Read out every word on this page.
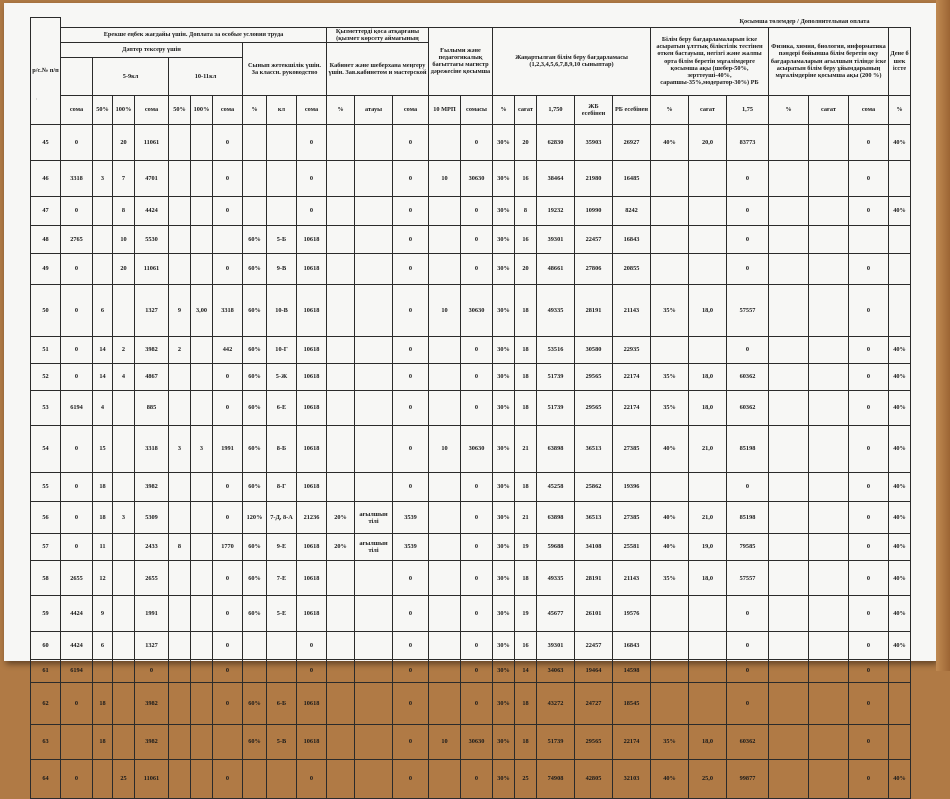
'
р/с.№ п/п	Қосымша төлемдер / Дополнительная оплата																										
	Ерекше еңбек жағдайы үшін. Доплата за особые условия труда										Қызметтерді қоса атқарғаны (қызмет көрсету аймағының			Ғылыми және педагогикалық бағыттағы магистр дәрежесіне қосымша		Жаңартылған білім беру бағдарламасы (1,2,3,4,5,6,7,8,9,10 сыныптар)					Білім беру бағдарламаларын іске асыратын ұлттық біліктілік тестінен өткен бастауыш, негізгі және жалпы орта білім беретін мұғалімдерге қосымша ақы (шебер-50%, зерттеуші-40%, сарапшы-35%,модератор-30%) РБ			Физика, химия, биология, информатика пәндері бойынша білім беретін оқу бағдарламаларын ағылшын тілінде іске асыратын білім беру ұйымдарының мұғалімдеріне қосымша ақы (200 %)			Дене б шек іссте
	Дәптер тексеру үшін							Сынып жетекшілік үшін. За классн. руководство			Кабинет және шеберхана меңгеру үшін. Зав.кабинетом и мастерской																
		5-9кл			10-11кл																						
	сома	50%	100%	сома	50%	100%	сома	%	кл	сома	%	атауы	сома	10 МРП	сомасы	%	сағат	1,750	ЖБ есебінен	РБ есебінен	%	сағат	1,75	%	сағат	сома	%
45	0		20	11061			0			0			0		0	30%	20	62830	35903	26927	40%	20,0	83773			0	40%
46	3318	3	7	4701			0			0			0	10	30630	30%	16	38464	21980	16485			0			0	
47	0		8	4424			0			0			0		0	30%	8	19232	10990	8242			0			0	40%
48	2765		10	5530				60%	5-Б	10618			0		0	30%	16	39301	22457	16843			0				
49	0		20	11061			0	60%	9-В	10618			0		0	30%	20	48661	27806	20855			0			0	
50	0	6		1327	9	3,00	3318	60%	10-В	10618			0	10	30630	30%	18	49335	28191	21143	35%	18,0	57557			0	
51	0	14	2	3982	2		442	60%	10-Г	10618			0		0	30%	18	53516	30580	22935			0			0	40%
52	0	14	4	4867			0	60%	5-Ж	10618			0		0	30%	18	51739	29565	22174	35%	18,0	60362			0	40%
53	6194	4		885			0	60%	6-Е	10618			0		0	30%	18	51739	29565	22174	35%	18,0	60362			0	40%
54	0	15		3318	3	3	1991	60%	8-Б	10618			0	10	30630	30%	21	63898	36513	27385	40%	21,0	85198			0	40%
55	0	18		3982			0	60%	8-Г	10618			0		0	30%	18	45258	25862	19396			0			0	40%
56	0	18	3	5309			0	120%	7-Д, 8-А	21236	20%	ағылшын тілі	3539		0	30%	21	63898	36513	27385	40%	21,0	85198			0	40%
57	0	11		2433	8		1770	60%	9-Е	10618	20%	ағылшын тілі	3539		0	30%	19	59688	34108	25581	40%	19,0	79585			0	40%
58	2655	12		2655			0	60%	7-Е	10618			0		0	30%	18	49335	28191	21143	35%	18,0	57557			0	40%
59	4424	9		1991			0	60%	5-Е	10618			0		0	30%	19	45677	26101	19576			0			0	40%
60	4424	6		1327			0			0			0		0	30%	16	39301	22457	16843			0			0	40%
61	6194			0			0			0			0		0	30%	14	34063	19464	14598			0			0	
62	0	18		3982			0	60%	6-Б	10618			0		0	30%	18	43272	24727	18545			0			0	
63		18		3982				60%	5-В	10618			0	10	30630	30%	18	51739	29565	22174	35%	18,0	60362			0	
64	0		25	11061			0			0			0		0	30%	25	74908	42805	32103	40%	25,0	99877			0	40%
